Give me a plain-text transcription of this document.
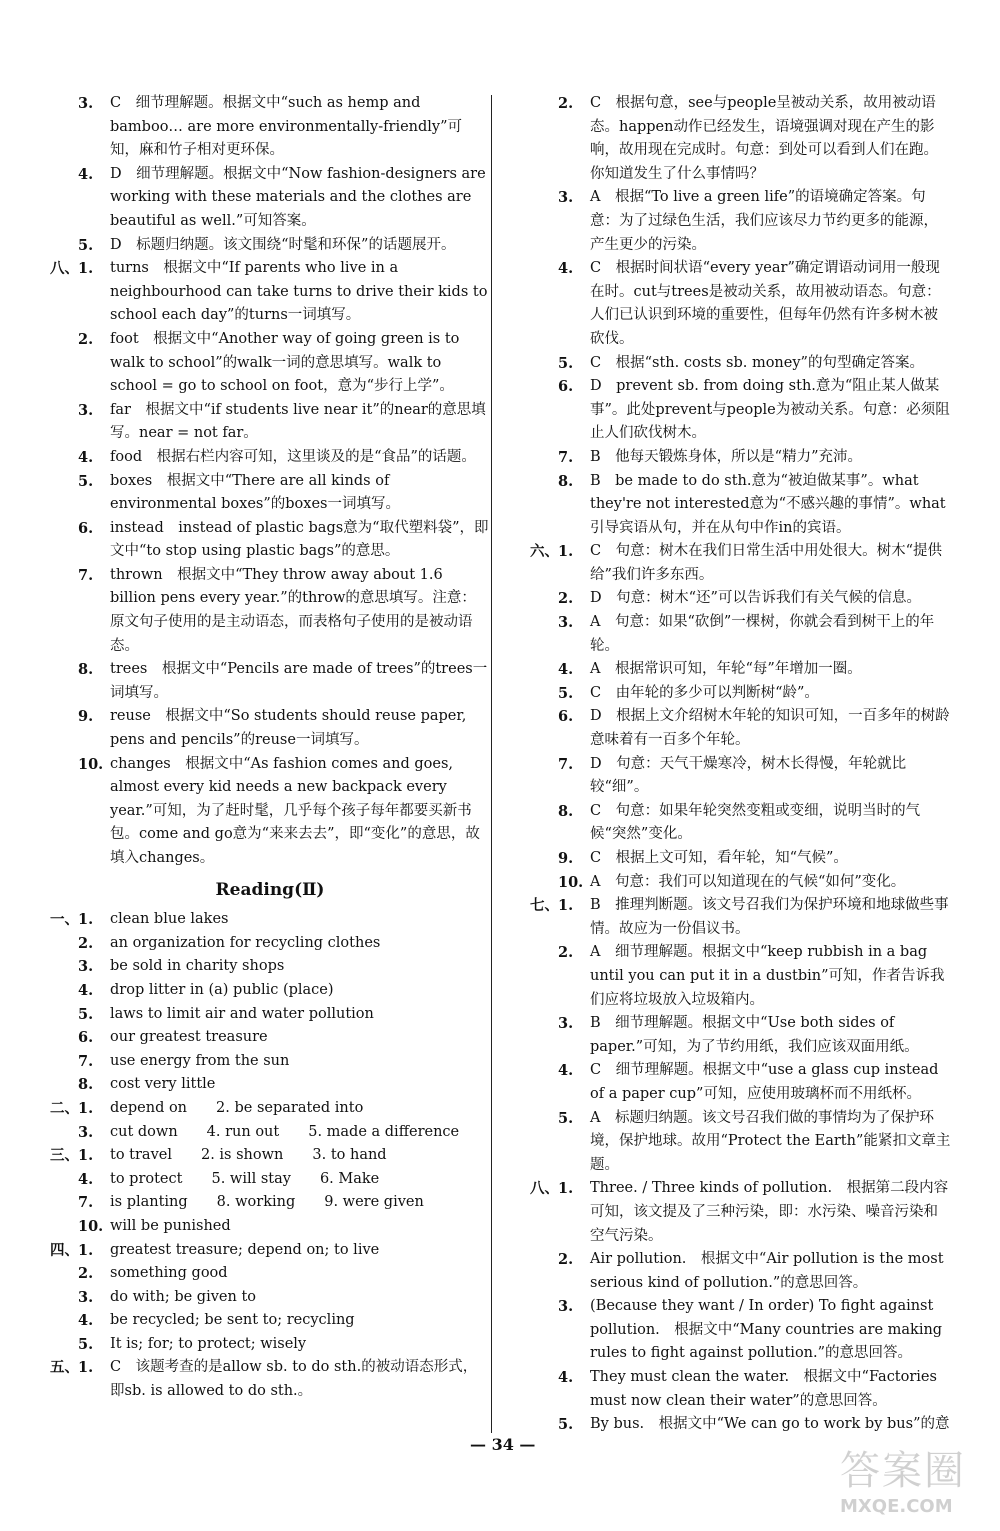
3. C　细节理解题。根据文中“such as hemp and bamboo… are more environmentally-friendly”可知，麻和竹子相对更环保。
4. D　细节理解题。根据文中“Now fashion-designers are working with these materials and the clothes are beautiful as well.”可知答案。
5. D　标题归纳题。该文围绕“时髦和环保”的话题展开。
八、 1. turns　根据文中“If parents who live in a neighbourhood can take turns to drive their kids to school each day”的turns一词填写。
2. foot　根据文中“Another way of going green is to walk to school”的walk一词的意思填写。walk to school = go to school on foot，意为“步行上学”。
3. far　根据文中“if students live near it”的near的意思填写。near = not far。
4. food　根据右栏内容可知，这里谈及的是“食品”的话题。
5. boxes　根据文中“There are all kinds of environmental boxes”的boxes一词填写。
6. instead　instead of plastic bags意为“取代塑料袋”，即文中“to stop using plastic bags”的意思。
7. thrown　根据文中“They throw away about 1.6 billion pens every year.”的throw的意思填写。注意：原文句子使用的是主动语态，而表格句子使用的是被动语态。
8. trees　根据文中“Pencils are made of trees”的trees一词填写。
9. reuse　根据文中“So students should reuse paper, pens and pencils”的reuse一词填写。
10. changes　根据文中“As fashion comes and goes, almost every kid needs a new backpack every year.”可知，为了赶时髦，几乎每个孩子每年都要买新书包。come and go意为“来来去去”，即“变化”的意思，故填入changes。
Reading(Ⅱ)
一、 1. clean blue lakes
2. an organization for recycling clothes
3. be sold in charity shops
4. drop litter in (a) public (place)
5. laws to limit air and water pollution
6. our greatest treasure
7. use energy from the sun
8. cost very little
二、 1. depend on　　2. be separated into
3. cut down　　4. run out　　5. made a difference
三、 1. to travel　　2. is shown　　3. to hand
4. to protect　　5. will stay　　6. Make
7. is planting　　8. working　　9. were given
10. will be punished
四、 1. greatest treasure; depend on; to live
2. something good
3. do with; be given to
4. be recycled; be sent to; recycling
5. It is; for; to protect; wisely
五、 1. C　该题考查的是allow sb. to do sth.的被动语态形式，即sb. is allowed to do sth.。
2. C　根据句意，see与people呈被动关系，故用被动语态。happen动作已经发生，语境强调对现在产生的影响，故用现在完成时。句意：到处可以看到人们在跑。你知道发生了什么事情吗？
3. A　根据“To live a green life”的语境确定答案。句意：为了过绿色生活，我们应该尽力节约更多的能源，产生更少的污染。
4. C　根据时间状语“every year”确定谓语动词用一般现在时。cut与trees是被动关系，故用被动语态。句意：人们已认识到环境的重要性，但每年仍然有许多树木被砍伐。
5. C　根据“sth. costs sb. money”的句型确定答案。
6. D　prevent sb. from doing sth.意为“阻止某人做某事”。此处prevent与people为被动关系。句意：必须阻止人们砍伐树木。
7. B　他每天锻炼身体，所以是“精力”充沛。
8. B　be made to do sth.意为“被迫做某事”。what they're not interested意为“不感兴趣的事情”。what引导宾语从句，并在从句中作in的宾语。
六、 1. C　句意：树木在我们日常生活中用处很大。树木“提供给”我们许多东西。
2. D　句意：树木“还”可以告诉我们有关气候的信息。
3. A　句意：如果“砍倒”一棵树，你就会看到树干上的年轮。
4. A　根据常识可知，年轮“每”年增加一圈。
5. C　由年轮的多少可以判断树“龄”。
6. D　根据上文介绍树木年轮的知识可知，一百多年的树龄意味着有一百多个年轮。
7. D　句意：天气干燥寒冷，树木长得慢，年轮就比较“细”。
8. C　句意：如果年轮突然变粗或变细，说明当时的气候“突然”变化。
9. C　根据上文可知，看年轮，知“气候”。
10. A　句意：我们可以知道现在的气候“如何”变化。
七、 1. B　推理判断题。该文号召我们为保护环境和地球做些事情。故应为一份倡议书。
2. A　细节理解题。根据文中“keep rubbish in a bag until you can put it in a dustbin”可知，作者告诉我们应将垃圾放入垃圾箱内。
3. B　细节理解题。根据文中“Use both sides of paper.”可知，为了节约用纸，我们应该双面用纸。
4. C　细节理解题。根据文中“use a glass cup instead of a paper cup”可知，应使用玻璃杯而不用纸杯。
5. A　标题归纳题。该文号召我们做的事情均为了保护环境，保护地球。故用“Protect the Earth”能紧扣文章主题。
八、 1. Three. / Three kinds of pollution.　根据第二段内容可知，该文提及了三种污染，即：水污染、噪音污染和空气污染。
2. Air pollution.　根据文中“Air pollution is the most serious kind of pollution.”的意思回答。
3. (Because they want / In order) To fight against pollution.　根据文中“Many countries are making rules to fight against pollution.”的意思回答。
4. They must clean the water.　根据文中“Factories must now clean their water”的意思回答。
5. By bus.　根据文中“We can go to work by bus”的意
— 34 —
答案圈
MXQE.COM
